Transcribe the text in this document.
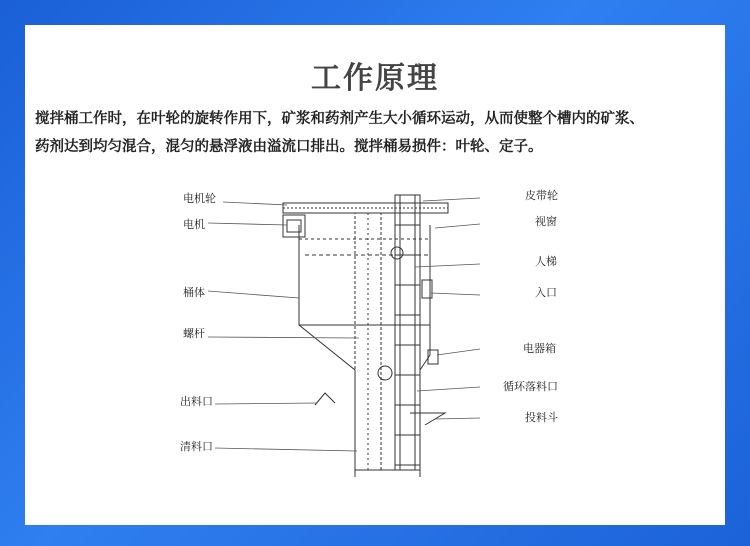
工作原理

搅拌桶工作时，在叶轮的旋转作用下，矿浆和药剂产生大小循环运动，从而使整个槽内的矿浆、

药剂达到均匀混合，混匀的悬浮液由溢流口排出。搅拌桶易损件：叶轮、定子。

电机轮
电机
桶体
螺杆
出料口
清料口
皮带轮
视窗
人梯
入口
电器箱
循环落料口
投料斗
